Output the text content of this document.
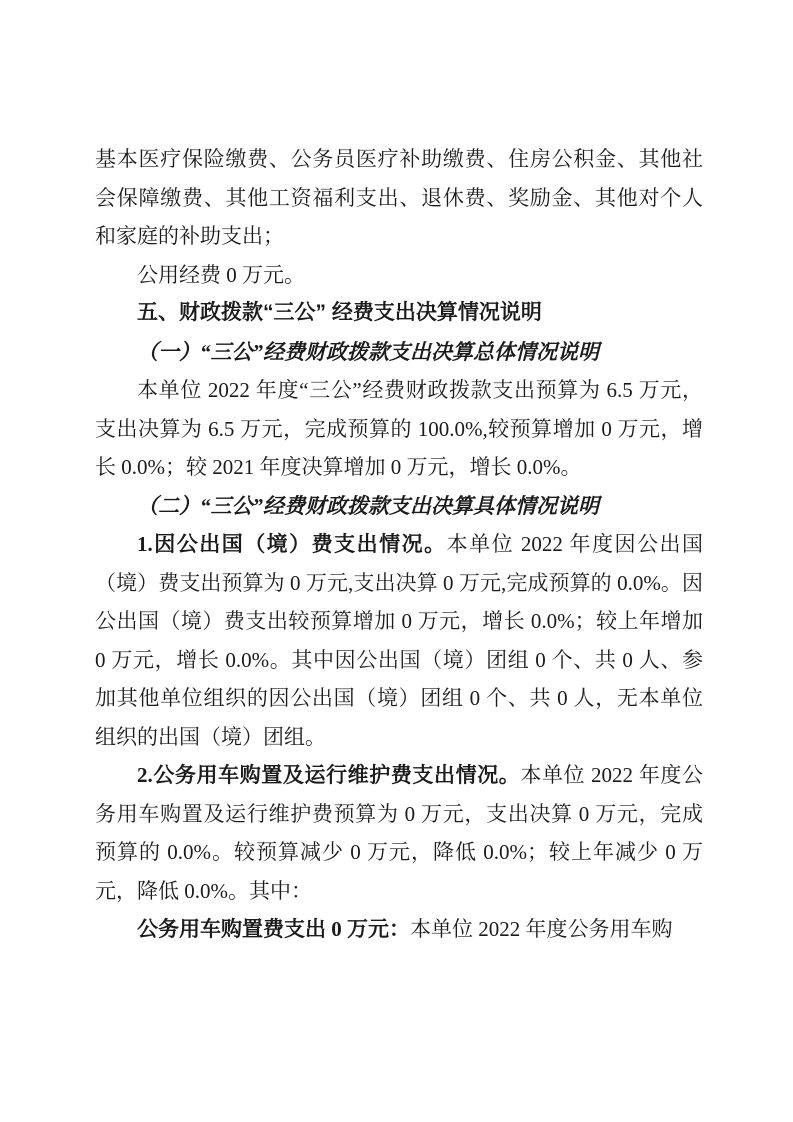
基本医疗保险缴费、公务员医疗补助缴费、住房公积金、其他社会保障缴费、其他工资福利支出、退休费、奖励金、其他对个人和家庭的补助支出；

公用经费 0 万元。

五、财政拨款“三公” 经费支出决算情况说明

（一）“三公”经费财政拨款支出决算总体情况说明

本单位 2022 年度“三公”经费财政拨款支出预算为 6.5 万元，支出决算为 6.5 万元，完成预算的 100.0%,较预算增加 0 万元，增长 0.0%；较 2021 年度决算增加 0 万元，增长 0.0%。

（二）“三公”经费财政拨款支出决算具体情况说明

1.因公出国（境）费支出情况。本单位 2022 年度因公出国（境）费支出预算为 0 万元,支出决算 0 万元,完成预算的 0.0%。因公出国（境）费支出较预算增加 0 万元，增长 0.0%；较上年增加 0 万元，增长 0.0%。其中因公出国（境）团组 0 个、共 0 人、参加其他单位组织的因公出国（境）团组 0 个、共 0 人，无本单位组织的出国（境）团组。

2.公务用车购置及运行维护费支出情况。本单位 2022 年度公务用车购置及运行维护费预算为 0 万元，支出决算 0 万元，完成预算的 0.0%。较预算减少 0 万元，降低 0.0%；较上年减少 0 万元，降低 0.0%。其中：

公务用车购置费支出 0 万元：本单位 2022 年度公务用车购
